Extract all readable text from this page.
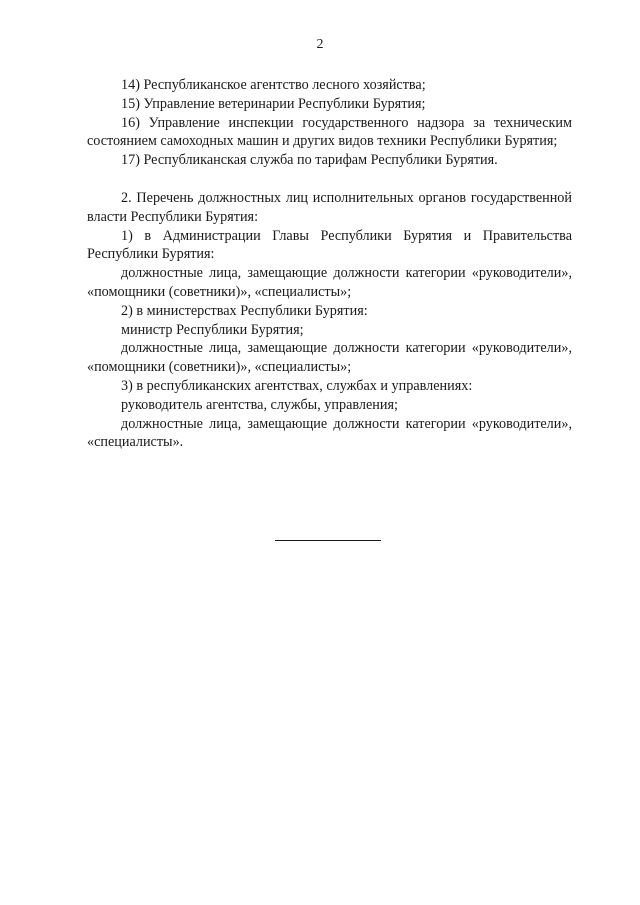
2

14) Республиканское агентство лесного хозяйства;

15) Управление ветеринарии Республики Бурятия;

16) Управление инспекции государственного надзора за техническим состоянием самоходных машин и других видов техники Республики Бурятия;

17) Республиканская служба по тарифам Республики Бурятия.

2. Перечень должностных лиц исполнительных органов государственной власти Республики Бурятия:

1) в Администрации Главы Республики Бурятия и Правительства Республики Бурятия:

должностные лица, замещающие должности категории «руководители», «помощники (советники)», «специалисты»;

2) в министерствах Республики Бурятия:

министр Республики Бурятия;

должностные лица, замещающие должности категории «руководители», «помощники (советники)», «специалисты»;

3) в республиканских агентствах, службах и управлениях:

руководитель агентства, службы, управления;

должностные лица, замещающие должности категории «руководители», «специалисты».
